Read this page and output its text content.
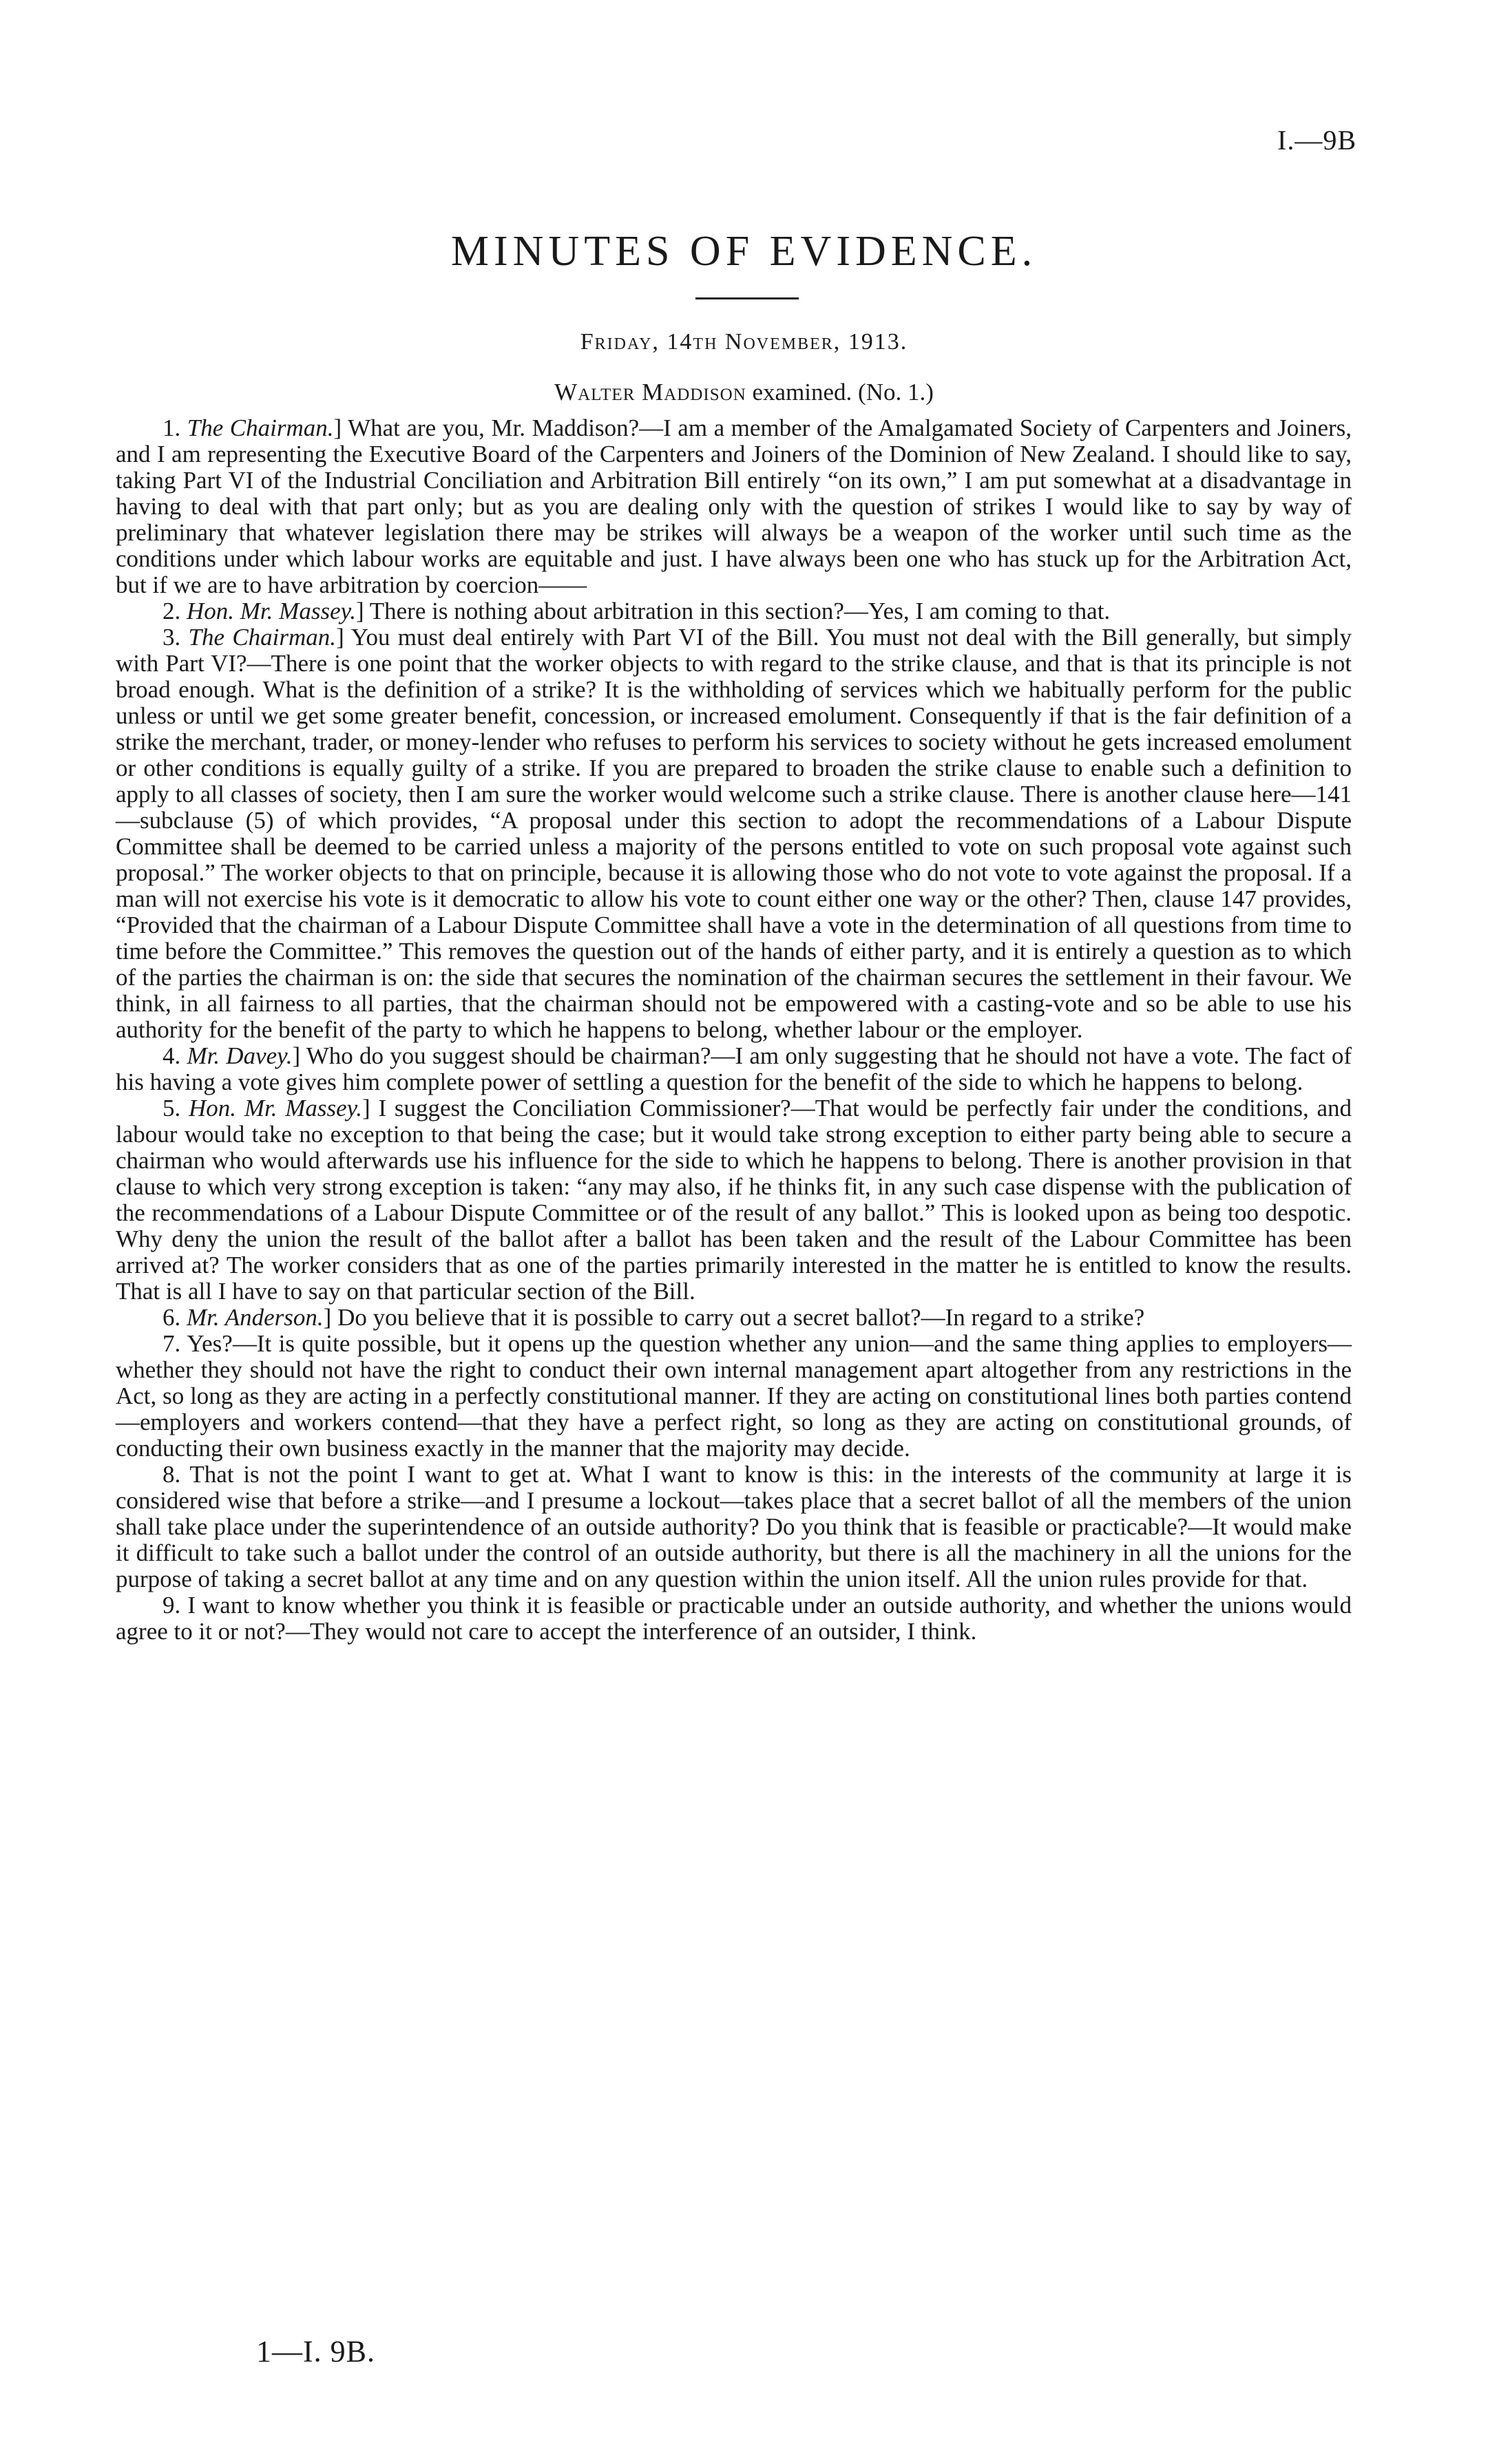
I.—9B
MINUTES OF EVIDENCE.
Friday, 14th November, 1913.
Walter Maddison examined. (No. 1.)

1. The Chairman.] What are you, Mr. Maddison?—I am a member of the Amalgamated Society of Carpenters and Joiners, and I am representing the Executive Board of the Carpenters and Joiners of the Dominion of New Zealand. I should like to say, taking Part VI of the Industrial Conciliation and Arbitration Bill entirely “on its own,” I am put somewhat at a disadvantage in having to deal with that part only; but as you are dealing only with the question of strikes I would like to say by way of preliminary that whatever legislation there may be strikes will always be a weapon of the worker until such time as the conditions under which labour works are equitable and just. I have always been one who has stuck up for the Arbitration Act, but if we are to have arbitration by coercion——

2. Hon. Mr. Massey.] There is nothing about arbitration in this section?—Yes, I am coming to that.

3. The Chairman.] You must deal entirely with Part VI of the Bill. You must not deal with the Bill generally, but simply with Part VI?—There is one point that the worker objects to with regard to the strike clause, and that is that its principle is not broad enough. What is the definition of a strike? It is the withholding of services which we habitually perform for the public unless or until we get some greater benefit, concession, or increased emolument. Consequently if that is the fair definition of a strike the merchant, trader, or money-lender who refuses to perform his services to society without he gets increased emolument or other conditions is equally guilty of a strike. If you are prepared to broaden the strike clause to enable such a definition to apply to all classes of society, then I am sure the worker would welcome such a strike clause. There is another clause here—141—subclause (5) of which provides, “A proposal under this section to adopt the recommendations of a Labour Dispute Committee shall be deemed to be carried unless a majority of the persons entitled to vote on such proposal vote against such proposal.” The worker objects to that on principle, because it is allowing those who do not vote to vote against the proposal. If a man will not exercise his vote is it democratic to allow his vote to count either one way or the other? Then, clause 147 provides, “Provided that the chairman of a Labour Dispute Committee shall have a vote in the determination of all questions from time to time before the Committee.” This removes the question out of the hands of either party, and it is entirely a question as to which of the parties the chairman is on: the side that secures the nomination of the chairman secures the settlement in their favour. We think, in all fairness to all parties, that the chairman should not be empowered with a casting-vote and so be able to use his authority for the benefit of the party to which he happens to belong, whether labour or the employer.

4. Mr. Davey.] Who do you suggest should be chairman?—I am only suggesting that he should not have a vote. The fact of his having a vote gives him complete power of settling a question for the benefit of the side to which he happens to belong.

5. Hon. Mr. Massey.] I suggest the Conciliation Commissioner?—That would be perfectly fair under the conditions, and labour would take no exception to that being the case; but it would take strong exception to either party being able to secure a chairman who would afterwards use his influence for the side to which he happens to belong. There is another provision in that clause to which very strong exception is taken: “any may also, if he thinks fit, in any such case dispense with the publication of the recommendations of a Labour Dispute Committee or of the result of any ballot.” This is looked upon as being too despotic. Why deny the union the result of the ballot after a ballot has been taken and the result of the Labour Committee has been arrived at? The worker considers that as one of the parties primarily interested in the matter he is entitled to know the results. That is all I have to say on that particular section of the Bill.

6. Mr. Anderson.] Do you believe that it is possible to carry out a secret ballot?—In regard to a strike?

7. Yes?—It is quite possible, but it opens up the question whether any union—and the same thing applies to employers—whether they should not have the right to conduct their own internal management apart altogether from any restrictions in the Act, so long as they are acting in a perfectly constitutional manner. If they are acting on constitutional lines both parties contend—employers and workers contend—that they have a perfect right, so long as they are acting on constitutional grounds, of conducting their own business exactly in the manner that the majority may decide.

8. That is not the point I want to get at. What I want to know is this: in the interests of the community at large it is considered wise that before a strike—and I presume a lockout—takes place that a secret ballot of all the members of the union shall take place under the superintendence of an outside authority? Do you think that is feasible or practicable?—It would make it difficult to take such a ballot under the control of an outside authority, but there is all the machinery in all the unions for the purpose of taking a secret ballot at any time and on any question within the union itself. All the union rules provide for that.

9. I want to know whether you think it is feasible or practicable under an outside authority, and whether the unions would agree to it or not?—They would not care to accept the interference of an outsider, I think.

1—I. 9B.
